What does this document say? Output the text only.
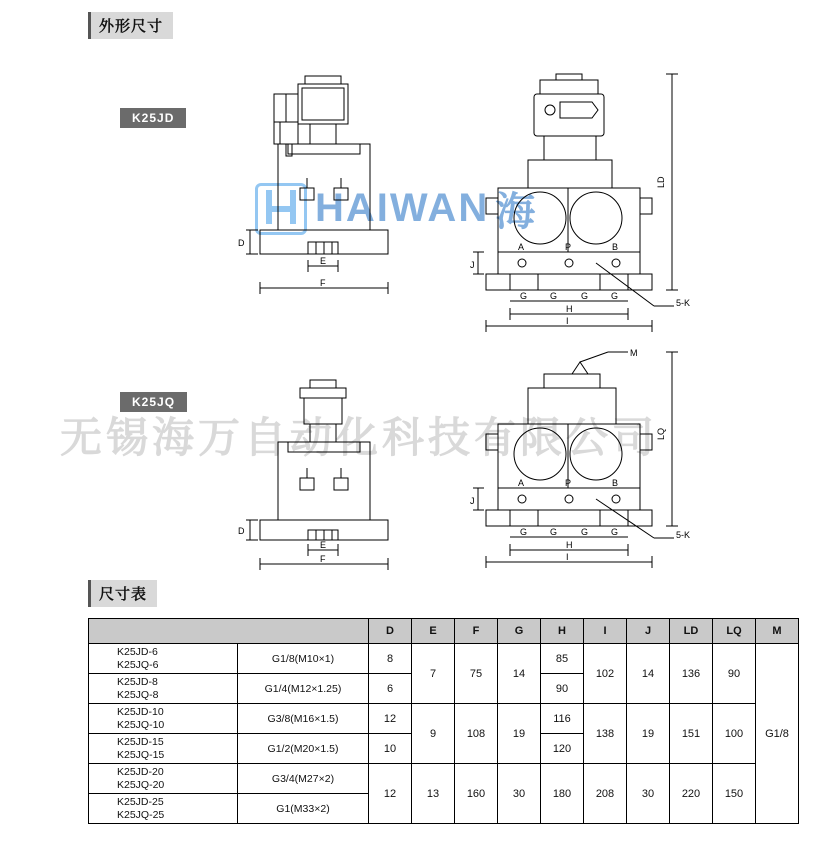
外形尺寸
K25JD
K25JQ
HAIWAN 海
无锡海万自动化科技有限公司
D
E
F
A	P	B
G	G	G	G
H
I
J
5-K
LD
D
E
F
A	P	B
G	G	G	G
H
I
J
5-K
M
LQ
尺寸表
		D	E	F	G	H	I	J	LD	LQ	M

K25JD-6
K25JQ-6	G1/8(M10×1)	8	7	75	14	85	102	14	136	90	G1/8

K25JD-8
K25JQ-8	G1/4(M12×1.25)	6				90					

K25JD-10
K25JQ-10	G3/8(M16×1.5)	12	9	108	19	116	138	19	151	100	

K25JD-15
K25JQ-15	G1/2(M20×1.5)	10				120					

K25JD-20
K25JQ-20	G3/4(M27×2)	12	13	160	30	180	208	30	220	150	

K25JD-25
K25JQ-25	G1(M33×2)										
